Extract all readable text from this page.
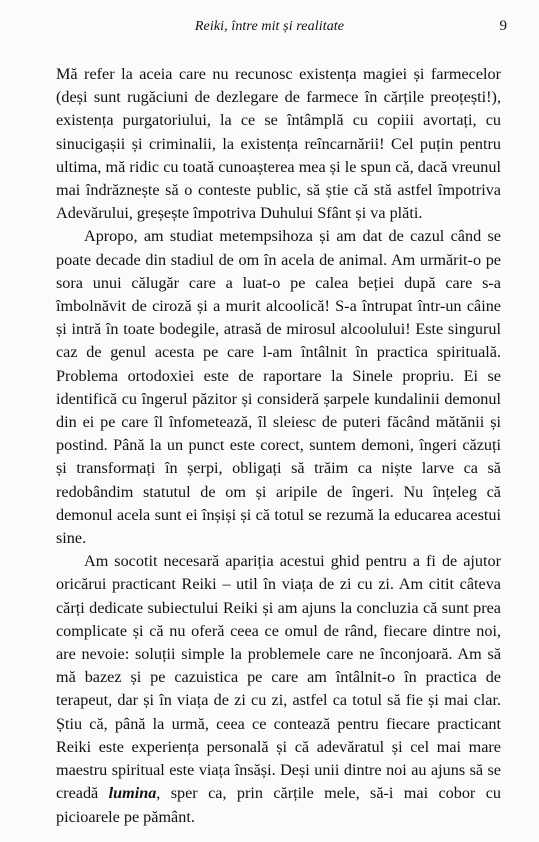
Reiki, între mit și realitate	9

Mă refer la aceia care nu recunosc existența magiei și farmecelor (deși sunt rugăciuni de dezlegare de farmece în cărțile preoțești!), existența purgatoriului, la ce se întâmplă cu copiii avortați, cu sinucigașii și criminalii, la existența reîncarnării! Cel puțin pentru ultima, mă ridic cu toată cunoașterea mea și le spun că, dacă vreunul mai îndrăznește să o conteste public, să știe că stă astfel împotriva Adevărului, greșește împotriva Duhului Sfânt și va plăti.

Apropo, am studiat metempsihoza și am dat de cazul când se poate decade din stadiul de om în acela de animal. Am urmărit-o pe sora unui călugăr care a luat-o pe calea beției după care s-a îmbolnăvit de ciroză și a murit alcoolică! S-a întrupat într-un câine și intră în toate bodegile, atrasă de mirosul alcoolului! Este singurul caz de genul acesta pe care l-am întâlnit în practica spirituală. Problema ortodoxiei este de raportare la Sinele propriu. Ei se identifică cu îngerul păzitor și consideră șarpele kundalinii demonul din ei pe care îl înfometează, îl sleiesc de puteri făcând mătănii și postind. Până la un punct este corect, suntem demoni, îngeri căzuți și transformați în șerpi, obligați să trăim ca niște larve ca să redobândim statutul de om și aripile de îngeri. Nu înțeleg că demonul acela sunt ei înșiși și că totul se rezumă la educarea acestui sine.

Am socotit necesară apariția acestui ghid pentru a fi de ajutor oricărui practicant Reiki – util în viața de zi cu zi. Am citit câteva cărți dedicate subiectului Reiki și am ajuns la concluzia că sunt prea complicate și că nu oferă ceea ce omul de rând, fiecare dintre noi, are nevoie: soluții simple la problemele care ne înconjoară. Am să mă bazez și pe cazuistica pe care am întâlnit-o în practica de terapeut, dar și în viața de zi cu zi, astfel ca totul să fie și mai clar. Știu că, până la urmă, ceea ce contează pentru fiecare practicant Reiki este experiența personală și că adevăratul și cel mai mare maestru spiritual este viața însăși. Deși unii dintre noi au ajuns să se creadă lumina, sper ca, prin cărțile mele, să-i mai cobor cu picioarele pe pământ.
